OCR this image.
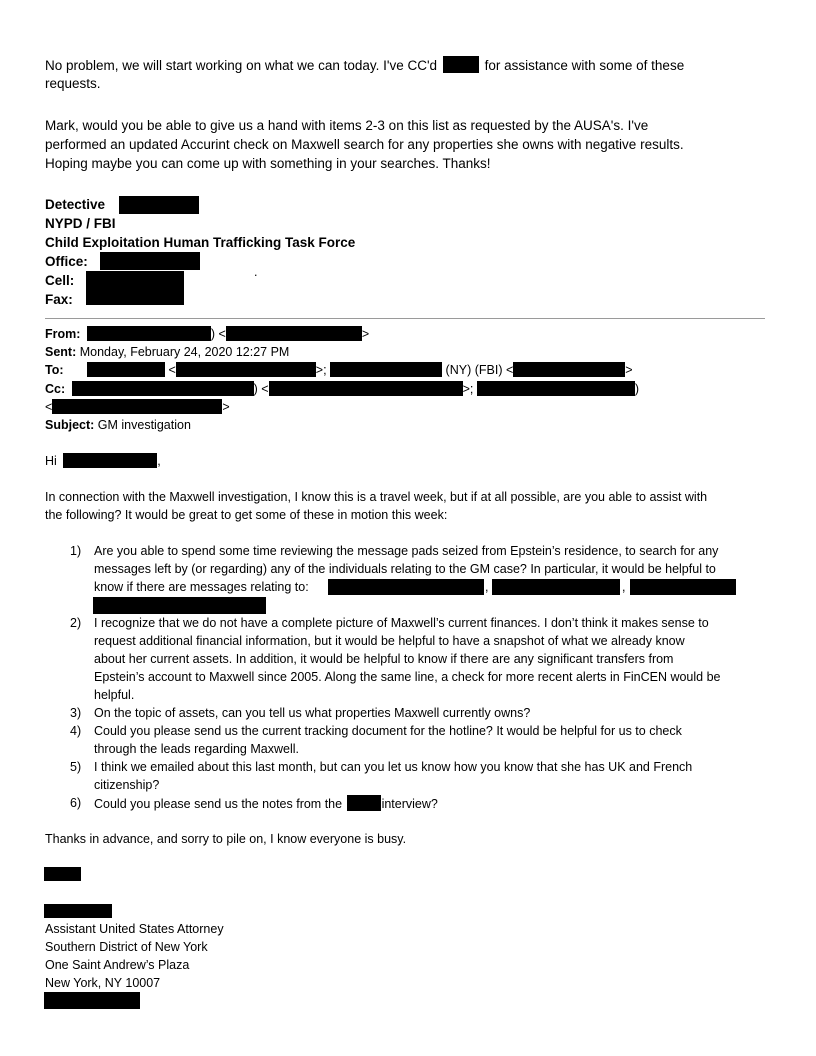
No problem, we will start working on what we can today. I've CC'd	for assistance with some of these
requests.
Mark, would you be able to give us a hand with items 2-3 on this list as requested by the AUSA's. I've
performed an updated Accurint check on Maxwell search for any properties she owns with negative results.
Hoping maybe you can come up with something in your searches. Thanks!
Detective
NYPD / FBI
Child Exploitation Human Trafficking Task Force
Office:
.
Cell:
Fax:
From:	) <	>
Sent: Monday, February 24, 2020 12:27 PM
To:	<	>;	(NY) (FBI) <	>
Cc:	) <	>;	)
<	>
Subject: GM investigation
Hi	,
In connection with the Maxwell investigation, I know this is a travel week, but if at all possible, are you able to assist with
the following? It would be great to get some of these in motion this week:
1) Are you able to spend some time reviewing the message pads seized from Epstein’s residence, to search for any
messages left by (or regarding) any of the individuals relating to the GM case? In particular, it would be helpful to
know if there are messages relating to:	,	,
2) I recognize that we do not have a complete picture of Maxwell’s current finances. I don’t think it makes sense to
request additional financial information, but it would be helpful to have a snapshot of what we already know
about her current assets. In addition, it would be helpful to know if there are any significant transfers from
Epstein’s account to Maxwell since 2005. Along the same line, a check for more recent alerts in FinCEN would be
helpful.
3) On the topic of assets, can you tell us what properties Maxwell currently owns?
4) Could you please send us the current tracking document for the hotline? It would be helpful for us to check
through the leads regarding Maxwell.
5) I think we emailed about this last month, but can you let us know how you know that she has UK and French
citizenship?
6) Could you please send us the notes from the	interview?
Thanks in advance, and sorry to pile on, I know everyone is busy.
Assistant United States Attorney
Southern District of New York
One Saint Andrew’s Plaza
New York, NY 10007
